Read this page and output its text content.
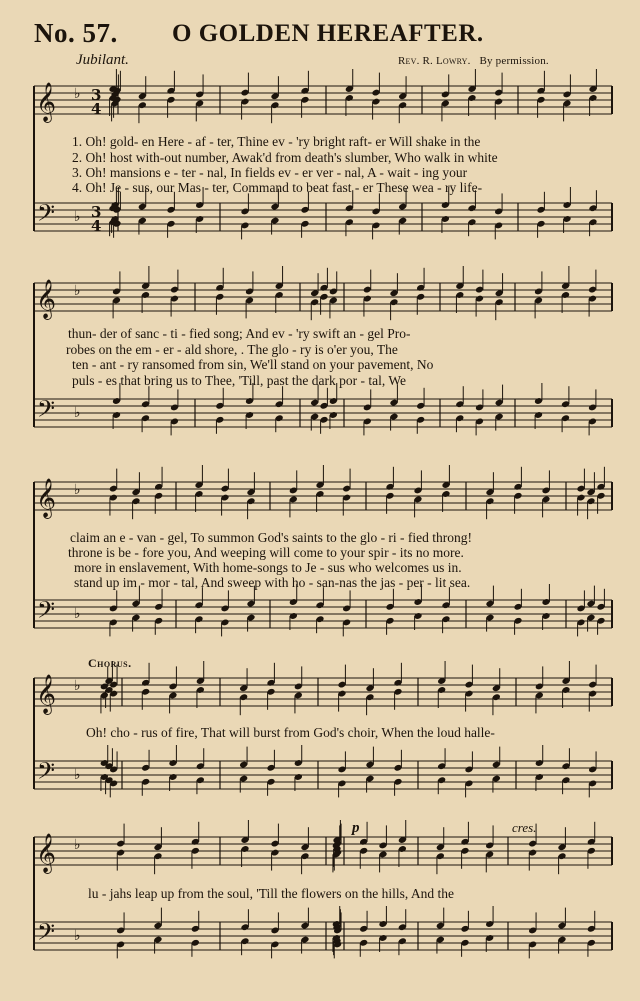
No. 57. O GOLDEN HEREAFTER.
Jubilant.	Rev. R. Lowry. By permission.
♭
♭
𝄞
𝄢
3
4
3
4
♭
♭
𝄞
𝄢
♭
♭
𝄞
𝄢
♭
♭
𝄞
𝄢
♭
♭
𝄞
𝄢
1. Oh! gold- en Here - af - ter, Thine ev - 'ry bright raft- er Will shake in the
2. Oh! host with-out number, Awak'd from death's slumber, Who walk in white
3. Oh! mansions e - ter - nal, In fields ev - er ver - nal, A - wait - ing your
4. Oh! Je - sus, our Mas - ter, Command to beat fast - er These wea - ry life-
thun- der of sanc - ti - fied song; And ev - 'ry swift an - gel Pro-
robes on the em - er - ald shore, . The glo - ry is o'er you, The
ten - ant - ry ransomed from sin, We'll stand on your pavement, No
puls - es that bring us to Thee, 'Till, past the dark por - tal, We
claim an e - van - gel, To summon God's saints to the glo - ri - fied throng!
throne is be - fore you, And weeping will come to your spir - its no more.
more in enslavement, With home-songs to Je - sus who welcomes us in.
stand up im - mor - tal, And sweep with ho - san-nas the jas - per - lit sea.
Chorus.
Oh! cho - rus of fire, That will burst from God's choir, When the loud halle-
p	cres.
lu - jahs leap up from the soul, 'Till the flowers on the hills, And the
